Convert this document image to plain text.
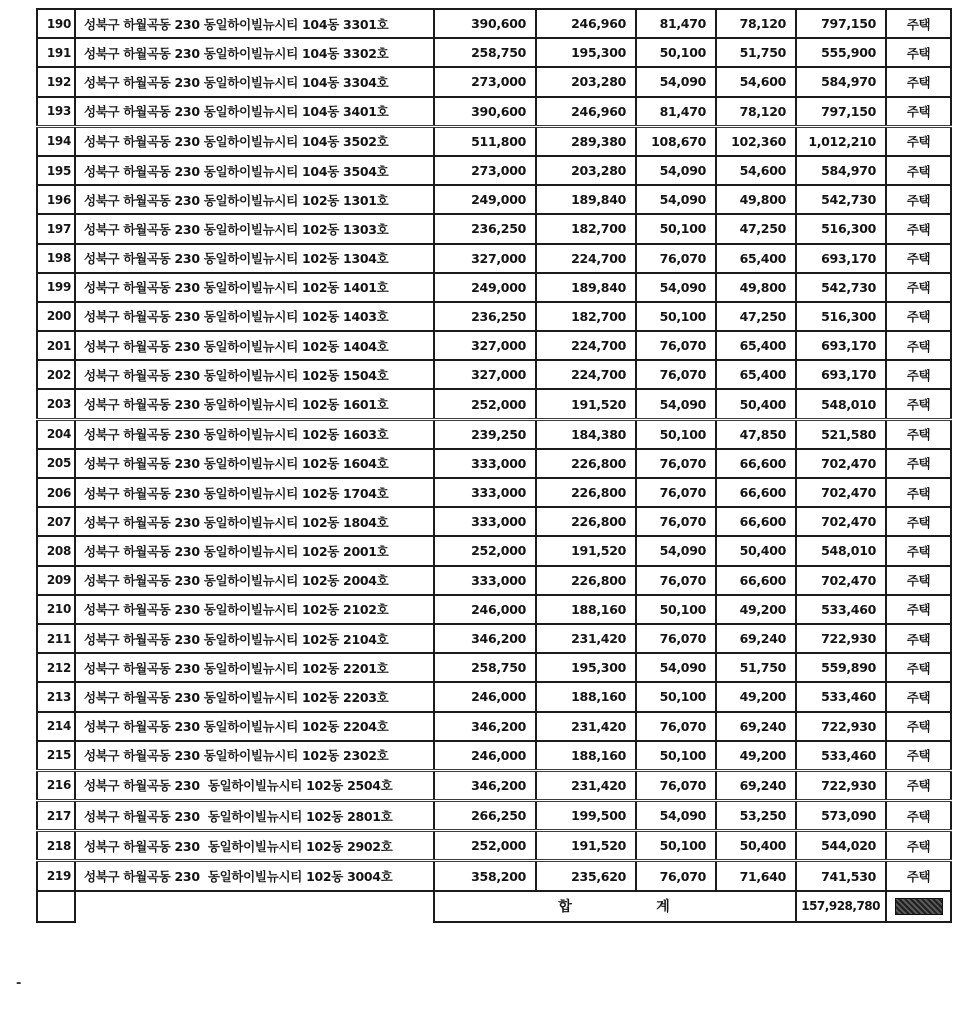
190	성북구 하월곡동 230 동일하이빌뉴시티 104동 3301호	390,600	246,960	81,470	78,120	797,150	주택
191	성북구 하월곡동 230 동일하이빌뉴시티 104동 3302호	258,750	195,300	50,100	51,750	555,900	주택
192	성북구 하월곡동 230 동일하이빌뉴시티 104동 3304호	273,000	203,280	54,090	54,600	584,970	주택
193	성북구 하월곡동 230 동일하이빌뉴시티 104동 3401호	390,600	246,960	81,470	78,120	797,150	주택
194	성북구 하월곡동 230 동일하이빌뉴시티 104동 3502호	511,800	289,380	108,670	102,360	1,012,210	주택
195	성북구 하월곡동 230 동일하이빌뉴시티 104동 3504호	273,000	203,280	54,090	54,600	584,970	주택
196	성북구 하월곡동 230 동일하이빌뉴시티 102동 1301호	249,000	189,840	54,090	49,800	542,730	주택
197	성북구 하월곡동 230 동일하이빌뉴시티 102동 1303호	236,250	182,700	50,100	47,250	516,300	주택
198	성북구 하월곡동 230 동일하이빌뉴시티 102동 1304호	327,000	224,700	76,070	65,400	693,170	주택
199	성북구 하월곡동 230 동일하이빌뉴시티 102동 1401호	249,000	189,840	54,090	49,800	542,730	주택
200	성북구 하월곡동 230 동일하이빌뉴시티 102동 1403호	236,250	182,700	50,100	47,250	516,300	주택
201	성북구 하월곡동 230 동일하이빌뉴시티 102동 1404호	327,000	224,700	76,070	65,400	693,170	주택
202	성북구 하월곡동 230 동일하이빌뉴시티 102동 1504호	327,000	224,700	76,070	65,400	693,170	주택
203	성북구 하월곡동 230 동일하이빌뉴시티 102동 1601호	252,000	191,520	54,090	50,400	548,010	주택
204	성북구 하월곡동 230 동일하이빌뉴시티 102동 1603호	239,250	184,380	50,100	47,850	521,580	주택
205	성북구 하월곡동 230 동일하이빌뉴시티 102동 1604호	333,000	226,800	76,070	66,600	702,470	주택
206	성북구 하월곡동 230 동일하이빌뉴시티 102동 1704호	333,000	226,800	76,070	66,600	702,470	주택
207	성북구 하월곡동 230 동일하이빌뉴시티 102동 1804호	333,000	226,800	76,070	66,600	702,470	주택
208	성북구 하월곡동 230 동일하이빌뉴시티 102동 2001호	252,000	191,520	54,090	50,400	548,010	주택
209	성북구 하월곡동 230 동일하이빌뉴시티 102동 2004호	333,000	226,800	76,070	66,600	702,470	주택
210	성북구 하월곡동 230 동일하이빌뉴시티 102동 2102호	246,000	188,160	50,100	49,200	533,460	주택
211	성북구 하월곡동 230 동일하이빌뉴시티 102동 2104호	346,200	231,420	76,070	69,240	722,930	주택
212	성북구 하월곡동 230 동일하이빌뉴시티 102동 2201호	258,750	195,300	54,090	51,750	559,890	주택
213	성북구 하월곡동 230 동일하이빌뉴시티 102동 2203호	246,000	188,160	50,100	49,200	533,460	주택
214	성북구 하월곡동 230 동일하이빌뉴시티 102동 2204호	346,200	231,420	76,070	69,240	722,930	주택
215	성북구 하월곡동 230 동일하이빌뉴시티 102동 2302호	246,000	188,160	50,100	49,200	533,460	주택
216	성북구 하월곡동 230  동일하이빌뉴시티 102동 2504호	346,200	231,420	76,070	69,240	722,930	주택
217	성북구 하월곡동 230  동일하이빌뉴시티 102동 2801호	266,250	199,500	54,090	53,250	573,090	주택
218	성북구 하월곡동 230  동일하이빌뉴시티 102동 2902호	252,000	191,520	50,100	50,400	544,020	주택
219	성북구 하월곡동 230  동일하이빌뉴시티 102동 3004호	358,200	235,620	76,070	71,640	741,530	주택
		합            계				157,928,780	
-
